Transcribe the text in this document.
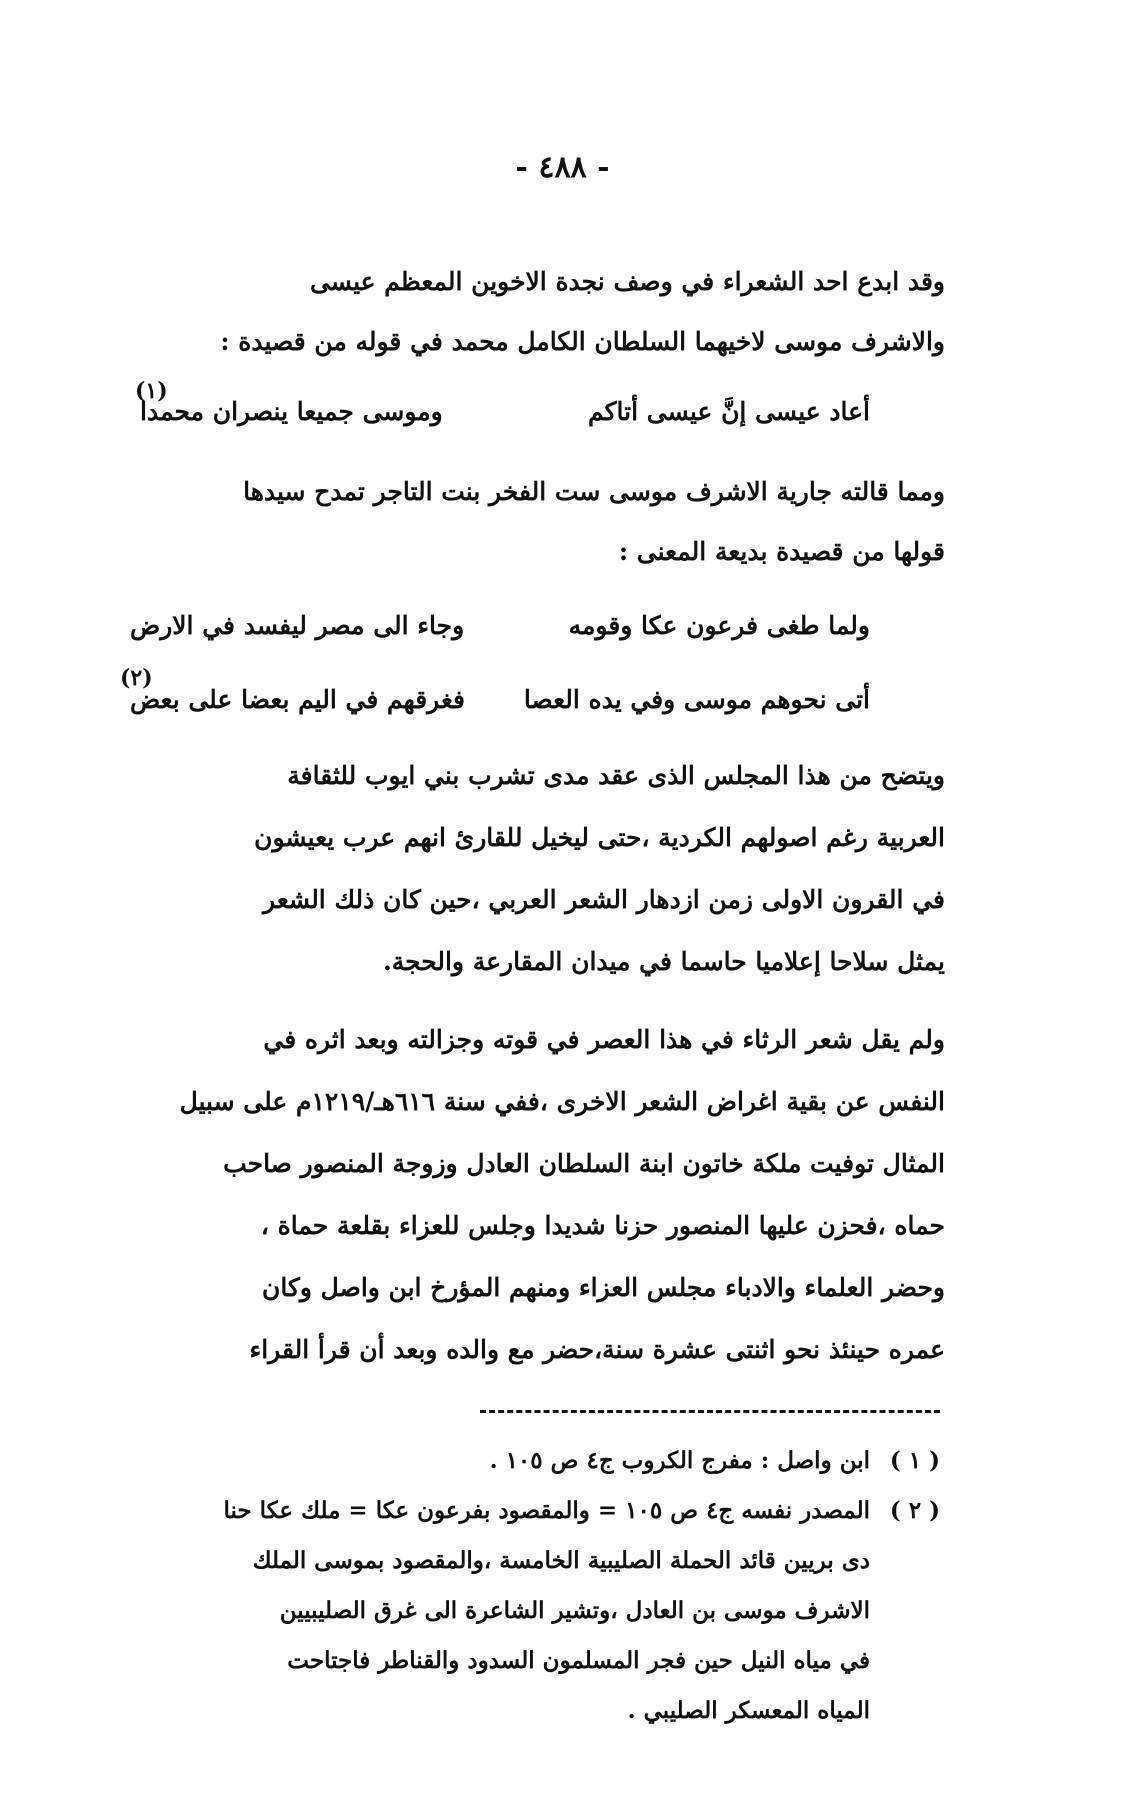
- ٤٨٨ -
وقد ابدع احد الشعراء في وصف نجدة الاخوين المعظم عيسى
والاشرف موسى لاخيهما السلطان الكامل محمد في قوله من قصيدة :
أعاد عيسى إنَّ عيسى أتاكم
وموسى جميعا ينصران محمدا
(١)
ومما قالته جارية الاشرف موسى ست الفخر بنت التاجر تمدح سيدها
قولها من قصيدة بديعة المعنى :
ولما طغى فرعون عكا وقومه
وجاء الى مصر ليفسد في الارض
أتى نحوهم موسى وفي يده العصا
فغرقهم في اليم بعضا على بعض
(٢)
ويتضح من هذا المجلس الذى عقد مدى تشرب بني ايوب للثقافة
العربية رغم اصولهم الكردية ،حتى ليخيل للقارئ انهم عرب يعيشون
في القرون الاولى زمن ازدهار الشعر العربي ،حين كان ذلك الشعر
يمثل سلاحا إعلاميا حاسما في ميدان المقارعة والحجة.
ولم يقل شعر الرثاء في هذا العصر في قوته وجزالته وبعد اثره في
النفس عن بقية اغراض الشعر الاخرى ،ففي سنة ٦١٦هـ/١٢١٩م على سبيل
المثال توفيت ملكة خاتون ابنة السلطان العادل وزوجة المنصور صاحب
حماه ،فحزن عليها المنصور حزنا شديدا وجلس للعزاء بقلعة حماة ،
وحضر العلماء والادباء مجلس العزاء ومنهم المؤرخ ابن واصل وكان
عمره حينئذ نحو اثنتى عشرة سنة،حضر مع والده وبعد أن قرأ القراء
ابن واصل : مفرج الكروب ج٤ ص ١٠٥ . ( ١ )
( ٢ )
المصدر نفسه ج٤ ص ١٠٥ = والمقصود بفرعون عكا = ملك عكا حنا
دى بريين قائد الحملة الصليبية الخامسة ،والمقصود بموسى الملك
الاشرف موسى بن العادل ،وتشير الشاعرة الى غرق الصليبيين
في مياه النيل حين فجر المسلمون السدود والقناطر فاجتاحت
المياه المعسكر الصليبي .
